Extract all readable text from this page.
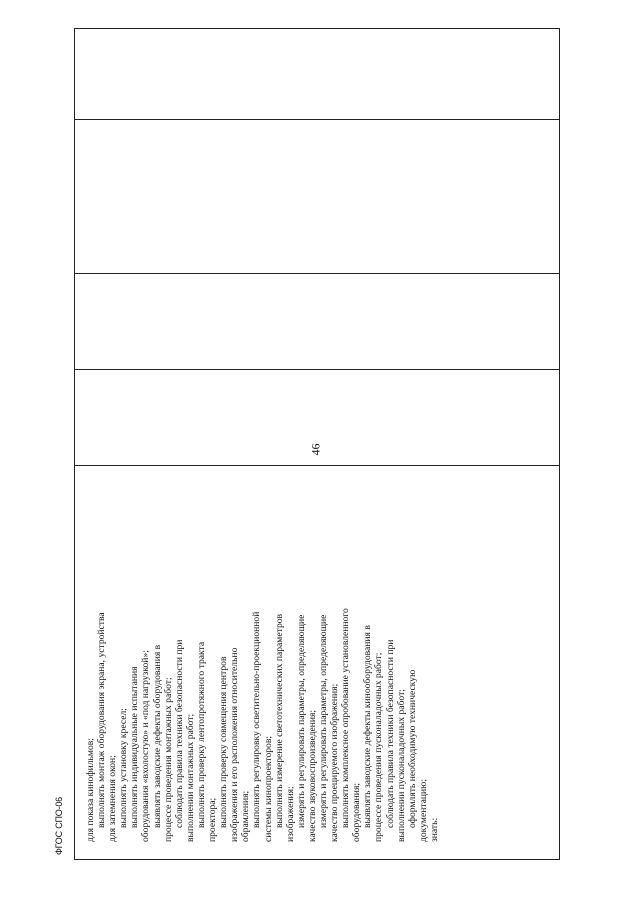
46
для показа кинофильмов; выполнять монтаж оборудования экрана, устройства для затемнения окон; выполнять установку кресел; выполнять индивидуальные испытания оборудования «вхолостую» и «под нагрузкой»; выявлять заводские дефекты оборудования в процессе проведения монтажных работ; соблюдать правила техники безопасности при выполнении монтажных работ; выполнять проверку лентопротяжного тракта проектора; выполнять проверку совмещения центров изображения и его расположения относительно обрамления; выполнять регулировку осветительно-проекционной системы кинопроекторов; выполнять измерение светотехнических параметров изображения; измерять и регулировать параметры, определяющие качество звуковоспроизведения; измерять и регулировать параметры, определяющие качество проецируемого изображения; выполнять комплексное опробование установленного оборудования; выявлять заводские дефекты кинооборудования в процессе проведения пусконаладочных работ; соблюдать правила техники безопасности при выполнении пусконаладочных работ; оформлять необходимую техническую документацию; знать:
ФГОС СПО-06
